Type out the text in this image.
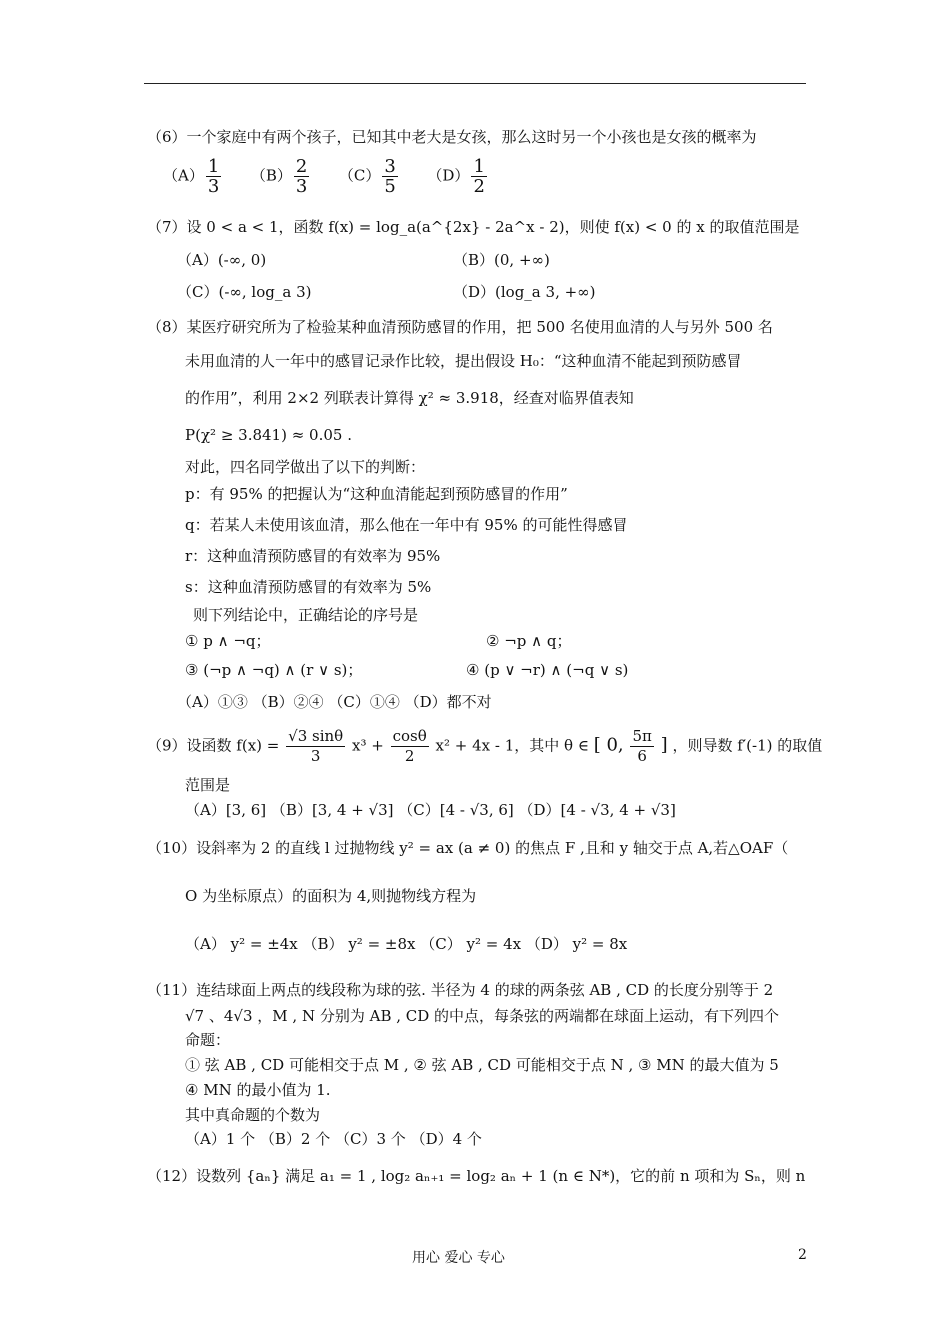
（6）一个家庭中有两个孩子，已知其中老大是女孩，那么这时另一个小孩也是女孩的概率为
$(A) \frac{1}{3} (B) \frac{2}{3} (C) \frac{3}{5} (D) \frac{1}{2}$
（7）设 0 < a < 1，函数 f(x) = log_a(a^{2x} - 2a^x - 2)，则使 f(x) < 0 的 x 的取值范围是
（A）(-∞, 0)	（B）(0, +∞)
（C）(-∞, log_a 3)	（D）(log_a 3, +∞)
（8）某医疗研究所为了检验某种血清预防感冒的作用，把 500 名使用血清的人与另外 500 名
未用血清的人一年中的感冒记录作比较，提出假设 H₀：“这种血清不能起到预防感冒
的作用”，利用 2×2 列联表计算得 χ² ≈ 3.918，经查对临界值表知
P(χ² ≥ 3.841) ≈ 0.05 .
对此，四名同学做出了以下的判断：
p：有 95% 的把握认为“这种血清能起到预防感冒的作用”
q：若某人未使用该血清，那么他在一年中有 95% 的可能性得感冒
r：这种血清预防感冒的有效率为 95%
s：这种血清预防感冒的有效率为 5%
则下列结论中，正确结论的序号是
① p ∧ ¬q；	② ¬p ∧ q；
③ (¬p ∧ ¬q) ∧ (r ∨ s)；	④ (p ∨ ¬r) ∧ (¬q ∨ s)
（A）①③ （B）②④ （C）①④ （D）都不对
（9）设函数 $f(x) = \frac{√3 \sin\theta}{3} x^3 + \frac{\cos\theta}{2} x^2 + 4x - 1$，其中 θ ∈ [ 0, $\frac{5\pi}{6}$ ] ，则导数 f′(-1) 的取值
范围是
（A）[3, 6] （B）[3, 4 + √3] （C）[4 - √3, 6] （D）[4 - √3, 4 + √3]
（10）设斜率为 2 的直线 l 过抛物线 y² = ax (a ≠ 0) 的焦点 F ,且和 y 轴交于点 A,若△OAF（
O 为坐标原点）的面积为 4,则抛物线方程为
（A） y² = ±4x （B） y² = ±8x （C） y² = 4x （D） y² = 8x
（11）连结球面上两点的线段称为球的弦. 半径为 4 的球的两条弦 AB , CD 的长度分别等于 2
√7 、4√3 ，M , N 分别为 AB , CD 的中点，每条弦的两端都在球面上运动，有下列四个
命题：
① 弦 AB , CD 可能相交于点 M , ② 弦 AB , CD 可能相交于点 N , ③ MN 的最大值为 5
④ MN 的最小值为 1.
其中真命题的个数为
（A）1 个 （B）2 个 （C）3 个 （D）4 个
（12）设数列 {aₙ} 满足 a₁ = 1 , log₂ aₙ₊₁ = log₂ aₙ + 1 (n ∈ N*)，它的前 n 项和为 Sₙ，则 n
用心 爱心 专心	2
